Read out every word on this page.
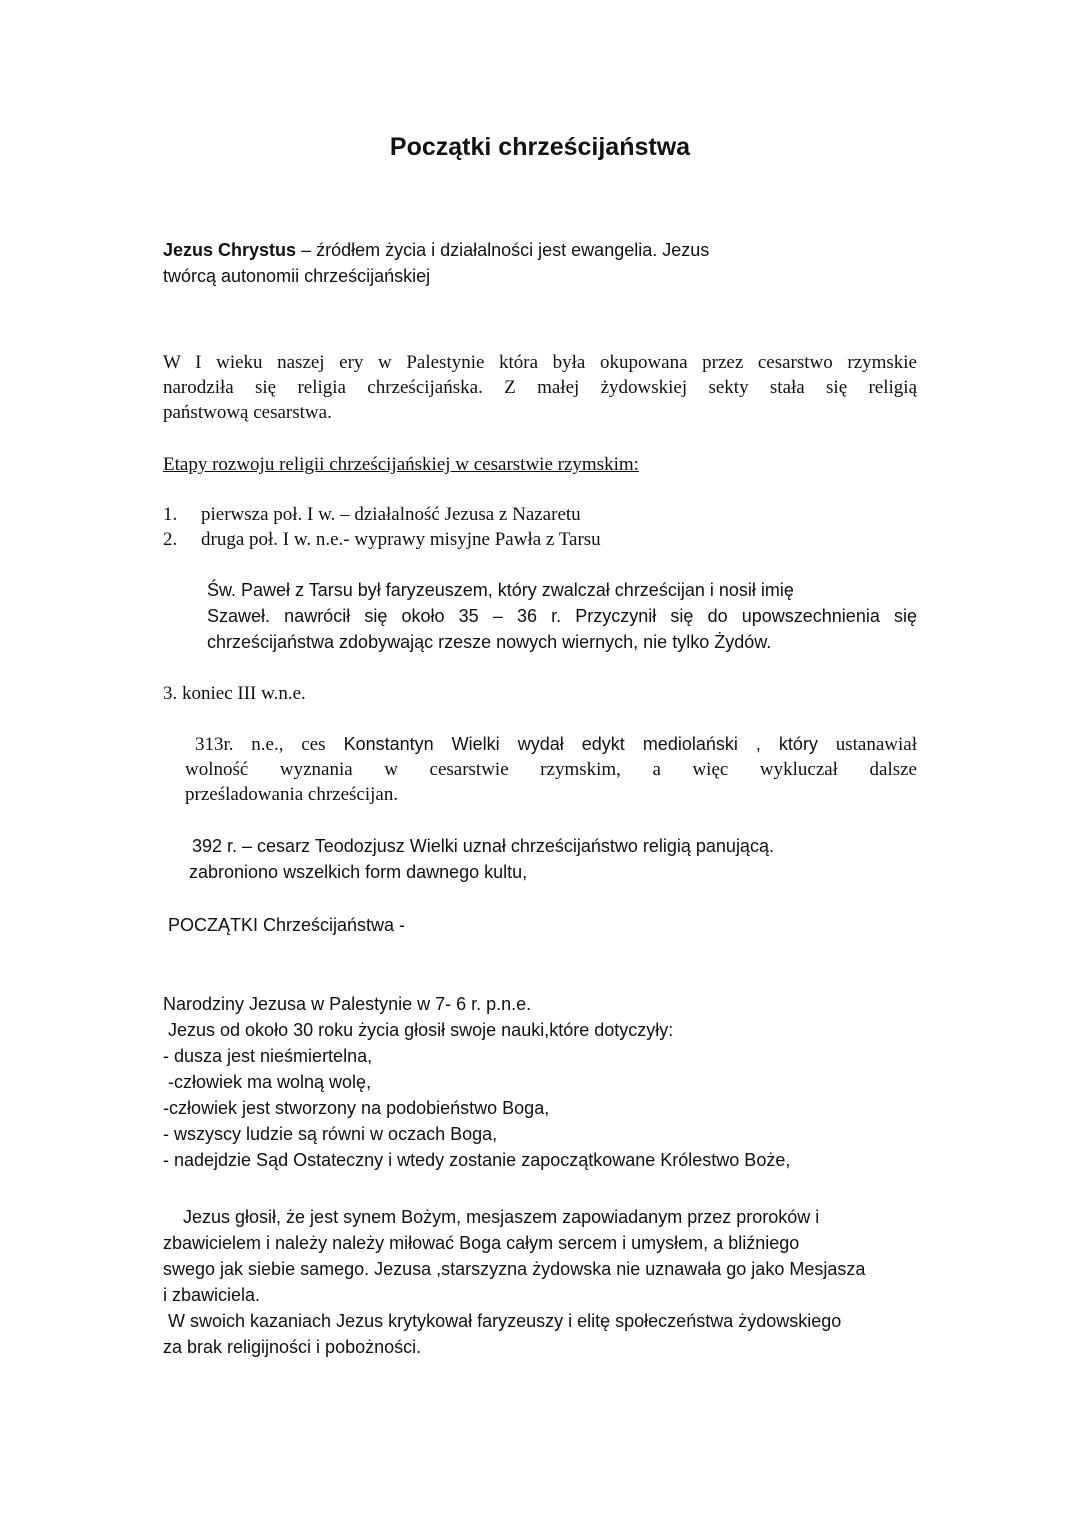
Początki chrześcijaństwa

Jezus Chrystus – źródłem życia i działalności jest ewangelia. Jezus

twórcą autonomii chrześcijańskiej

W I wieku naszej ery w Palestynie która była okupowana przez cesarstwo rzymskie

narodziła się religia chrześcijańska. Z małej żydowskiej sekty stała się religią

państwową cesarstwa.

Etapy rozwoju religii chrześcijańskiej w cesarstwie rzymskim:

1. pierwsza poł. I w. – działalność Jezusa z Nazaretu

2. druga poł. I w. n.e.- wyprawy misyjne Pawła z Tarsu

Św. Paweł z Tarsu był faryzeuszem, który zwalczał chrześcijan i nosił imię

Szaweł. nawrócił się około 35 – 36 r. Przyczynił się do upowszechnienia się

chrześcijaństwa zdobywając rzesze nowych wiernych, nie tylko Żydów.

3. koniec III w.n.e.

313r. n.e., ces Konstantyn Wielki wydał edykt mediolański , który ustanawiał

wolność wyznania w cesarstwie rzymskim, a więc wykluczał dalsze

prześladowania chrześcijan.

392 r. – cesarz Teodozjusz Wielki uznał chrześcijaństwo religią panującą.

zabroniono wszelkich form dawnego kultu,

POCZĄTKI Chrześcijaństwa -

Narodziny Jezusa w Palestynie w 7- 6 r. p.n.e.

Jezus od około 30 roku życia głosił swoje nauki,które dotyczyły:

- dusza jest nieśmiertelna,

-człowiek ma wolną wolę,

-człowiek jest stworzony na podobieństwo Boga,

- wszyscy ludzie są równi w oczach Boga,

- nadejdzie Sąd Ostateczny i wtedy zostanie zapoczątkowane Królestwo Boże,

Jezus głosił, że jest synem Bożym, mesjaszem zapowiadanym przez proroków i

zbawicielem i należy należy miłować Boga całym sercem i umysłem, a bliźniego

swego jak siebie samego. Jezusa ,starszyzna żydowska nie uznawała go jako Mesjasza

i zbawiciela.

W swoich kazaniach Jezus krytykował faryzeuszy i elitę społeczeństwa żydowskiego

za brak religijności i pobożności.
